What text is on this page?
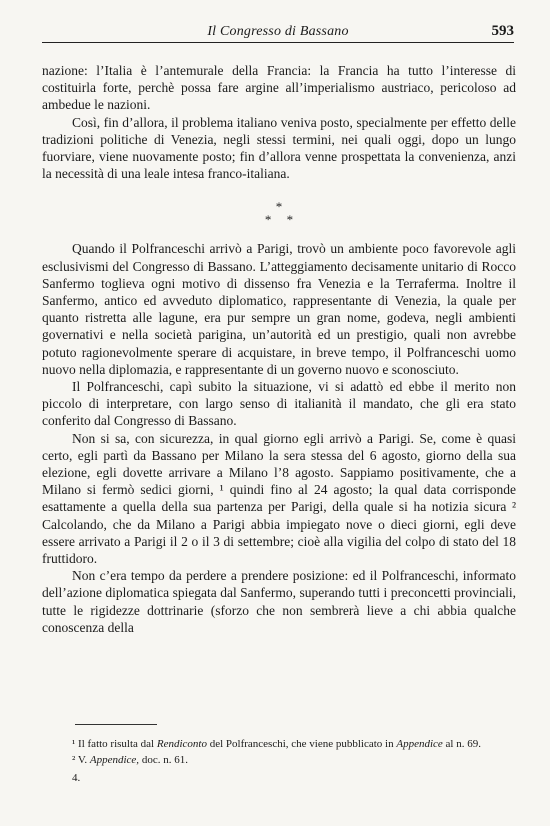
Il Congresso di Bassano	593

nazione: l’Italia è l’antemurale della Francia: la Francia ha tutto l’interesse di costituirla forte, perchè possa fare argine all’imperialismo austriaco, pericoloso ad ambedue le nazioni.

Così, fin d’allora, il problema italiano veniva posto, specialmente per effetto delle tradizioni politiche di Venezia, negli stessi termini, nei quali oggi, dopo un lungo fuorviare, viene nuovamente posto; fin d’allora venne prospettata la convenienza, anzi la necessità di una leale intesa franco-italiana.

*
* *

Quando il Polfranceschi arrivò a Parigi, trovò un ambiente poco favorevole agli esclusivismi del Congresso di Bassano. L’atteggiamento decisamente unitario di Rocco Sanfermo toglieva ogni motivo di dissenso fra Venezia e la Terraferma. Inoltre il Sanfermo, antico ed avveduto diplomatico, rappresentante di Venezia, la quale per quanto ristretta alle lagune, era pur sempre un gran nome, godeva, negli ambienti governativi e nella società parigina, un’autorità ed un prestigio, quali non avrebbe potuto ragionevolmente sperare di acquistare, in breve tempo, il Polfranceschi uomo nuovo nella diplomazia, e rappresentante di un governo nuovo e sconosciuto.

Il Polfranceschi, capì subito la situazione, vi si adattò ed ebbe il merito non piccolo di interpretare, con largo senso di italianità il mandato, che gli era stato conferito dal Congresso di Bassano.

Non si sa, con sicurezza, in qual giorno egli arrivò a Parigi. Se, come è quasi certo, egli partì da Bassano per Milano la sera stessa del 6 agosto, giorno della sua elezione, egli dovette arrivare a Milano l’8 agosto. Sappiamo positivamente, che a Milano si fermò sedici giorni, ¹ quindi fino al 24 agosto; la qual data corrisponde esattamente a quella della sua partenza per Parigi, della quale si ha notizia sicura ² Calcolando, che da Milano a Parigi abbia impiegato nove o dieci giorni, egli deve essere arrivato a Parigi il 2 o il 3 di settembre; cioè alla vigilia del colpo di stato del 18 fruttidoro.

Non c’era tempo da perdere a prendere posizione: ed il Polfranceschi, informato dell’azione diplomatica spiegata dal Sanfermo, superando tutti i preconcetti provinciali, tutte le rigidezze dottrinarie (sforzo che non sembrerà lieve a chi abbia qualche conoscenza della

¹ Il fatto risulta dal Rendiconto del Polfranceschi, che viene pubblicato in Appendice al n. 69.

² V. Appendice, doc. n. 61.

4.
